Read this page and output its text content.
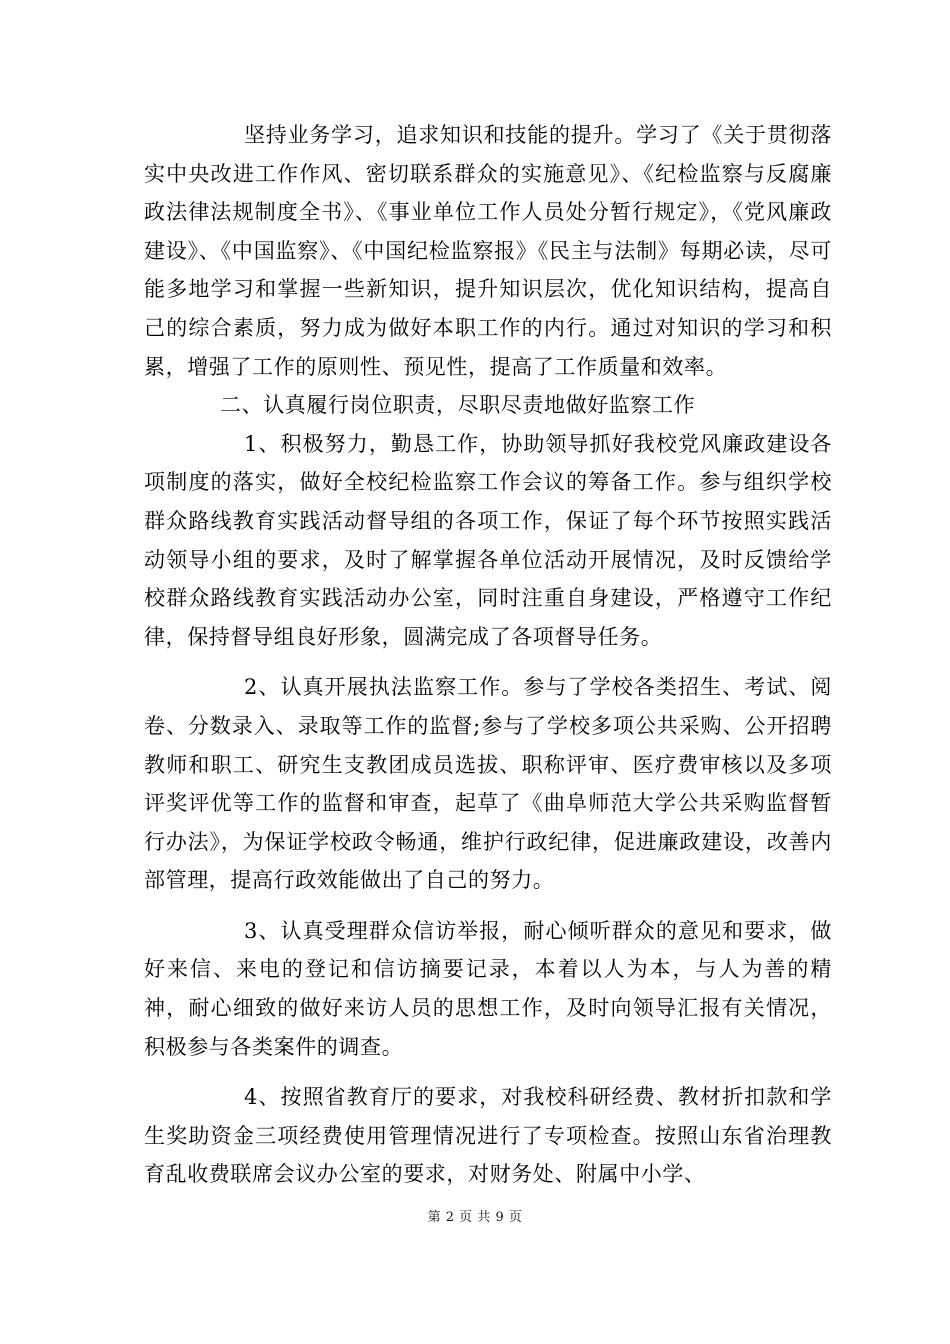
坚持业务学习，追求知识和技能的提升。学习了《关于贯彻落实中央改进工作作风、密切联系群众的实施意见》、《纪检监察与反腐廉政法律法规制度全书》、《事业单位工作人员处分暂行规定》，《党风廉政建设》、《中国监察》、《中国纪检监察报》《民主与法制》每期必读，尽可能多地学习和掌握一些新知识，提升知识层次，优化知识结构，提高自己的综合素质，努力成为做好本职工作的内行。通过对知识的学习和积累，增强了工作的原则性、预见性，提高了工作质量和效率。

二、认真履行岗位职责，尽职尽责地做好监察工作

1、积极努力，勤恳工作，协助领导抓好我校党风廉政建设各项制度的落实，做好全校纪检监察工作会议的筹备工作。参与组织学校群众路线教育实践活动督导组的各项工作，保证了每个环节按照实践活动领导小组的要求，及时了解掌握各单位活动开展情况，及时反馈给学校群众路线教育实践活动办公室，同时注重自身建设，严格遵守工作纪律，保持督导组良好形象，圆满完成了各项督导任务。

2、认真开展执法监察工作。参与了学校各类招生、考试、阅卷、分数录入、录取等工作的监督;参与了学校多项公共采购、公开招聘教师和职工、研究生支教团成员选拔、职称评审、医疗费审核以及多项评奖评优等工作的监督和审查，起草了《曲阜师范大学公共采购监督暂行办法》，为保证学校政令畅通，维护行政纪律，促进廉政建设，改善内部管理，提高行政效能做出了自己的努力。

3、认真受理群众信访举报，耐心倾听群众的意见和要求，做好来信、来电的登记和信访摘要记录，本着以人为本，与人为善的精神，耐心细致的做好来访人员的思想工作，及时向领导汇报有关情况，积极参与各类案件的调查。

4、按照省教育厅的要求，对我校科研经费、教材折扣款和学生奖助资金三项经费使用管理情况进行了专项检查。按照山东省治理教育乱收费联席会议办公室的要求，对财务处、附属中小学、

第 2 页 共 9 页
